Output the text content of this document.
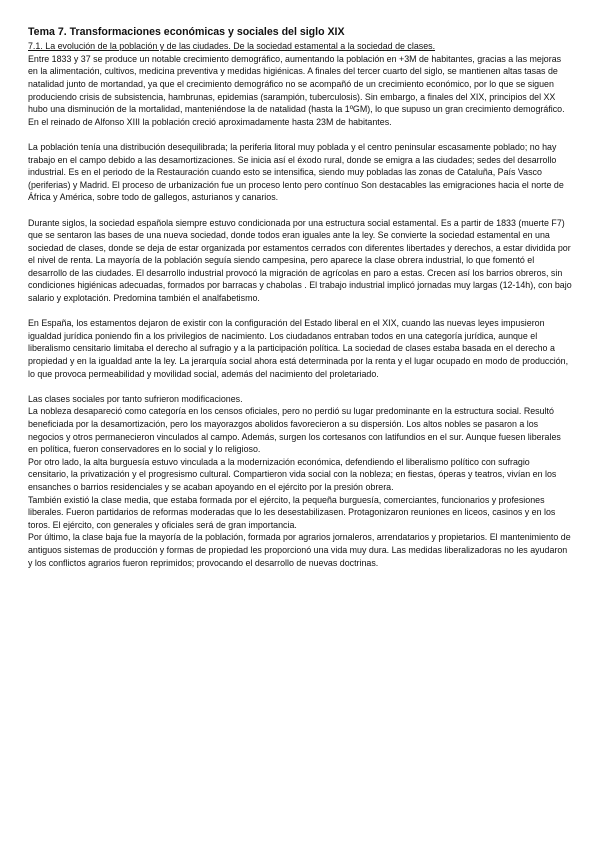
Tema 7. Transformaciones económicas y sociales del siglo XIX
7.1. La evolución de la población y de las ciudades. De la sociedad estamental a la sociedad de clases.

Entre 1833 y 37 se produce un notable crecimiento demográfico, aumentando la población en +3M de habitantes, gracias a las mejoras en la alimentación, cultivos, medicina preventiva y medidas higiénicas. A finales del tercer cuarto del siglo, se mantienen altas tasas de natalidad junto de mortandad, ya que el crecimiento demográfico no se acompañó de un crecimiento económico, por lo que se siguen produciendo crisis de subsistencia, hambrunas, epidemias (sarampión, tuberculosis). Sin embargo, a finales del XIX, principios del XX hubo una disminución de la mortalidad, manteniéndose la de natalidad (hasta la 1ºGM), lo que supuso un gran crecimiento demográfico. En el reinado de Alfonso XIII la población creció aproximadamente hasta 23M de habitantes.

La población tenía una distribución desequilibrada; la periferia litoral muy poblada y el centro peninsular escasamente poblado; no hay trabajo en el campo debido a las desamortizaciones. Se inicia así el éxodo rural, donde se emigra a las ciudades; sedes del desarrollo industrial. Es en el periodo de la Restauración cuando esto se intensifica, siendo muy pobladas las zonas de Cataluña, País Vasco (periferias) y Madrid. El proceso de urbanización fue un proceso lento pero contínuo Son destacables las emigraciones hacia el norte de África y América, sobre todo de gallegos, asturianos y canarios.

Durante siglos, la sociedad española siempre estuvo condicionada por una estructura social estamental. Es a partir de 1833 (muerte F7) que se sentaron las bases de una nueva sociedad, donde todos eran iguales ante la ley. Se convierte la sociedad estamental en una sociedad de clases, donde se deja de estar organizada por estamentos cerrados con diferentes libertades y derechos, a estar dividida por el nivel de renta. La mayoría de la población seguía siendo campesina, pero aparece la clase obrera industrial, lo que fomentó el desarrollo de las ciudades. El desarrollo industrial provocó la migración de agrícolas en paro a estas. Crecen así los barrios obreros, sin condiciones higiénicas adecuadas, formados por barracas y chabolas . El trabajo industrial implicó jornadas muy largas (12-14h), con bajo salario y explotación. Predomina también el analfabetismo.

En España, los estamentos dejaron de existir con la configuración del Estado liberal en el XIX, cuando las nuevas leyes impusieron igualdad jurídica poniendo fin a los privilegios de nacimiento. Los ciudadanos entraban todos en una categoría jurídica, aunque el liberalismo censitario limitaba el derecho al sufragio y a la participación política. La sociedad de clases estaba basada en el derecho a propiedad y en la igualdad ante la ley. La jerarquía social ahora está determinada por la renta y el lugar ocupado en modo de producción, lo que provoca permeabilidad y movilidad social, además del nacimiento del proletariado.

Las clases sociales por tanto sufrieron modificaciones.

La nobleza desapareció como categoría en los censos oficiales, pero no perdió su lugar predominante en la estructura social. Resultó beneficiada por la desamortización, pero los mayorazgos abolidos favorecieron a su dispersión. Los altos nobles se pasaron a los negocios y otros permanecieron vinculados al campo. Además, surgen los cortesanos con latifundios en el sur. Aunque fuesen liberales en política, fueron conservadores en lo social y lo religioso.

Por otro lado, la alta burguesía estuvo vinculada a la modernización económica, defendiendo el liberalismo político con sufragio censitario, la privatización y el progresismo cultural. Compartieron vida social con la nobleza; en fiestas, óperas y teatros, vivían en los ensanches o barrios residenciales y se acaban apoyando en el ejército por la presión obrera.

También existió la clase media, que estaba formada por el ejército, la pequeña burguesía, comerciantes, funcionarios y profesiones liberales. Fueron partidarios de reformas moderadas que lo les desestabilizasen. Protagonizaron reuniones en liceos, casinos y en los toros. El ejército, con generales y oficiales será de gran importancia.

Por último, la clase baja fue la mayoría de la población, formada por agrarios jornaleros, arrendatarios y propietarios. El mantenimiento de antiguos sistemas de producción y formas de propiedad les proporcionó una vida muy dura. Las medidas liberalizadoras no les ayudaron y los conflictos agrarios fueron reprimidos; provocando el desarrollo de nuevas doctrinas.
